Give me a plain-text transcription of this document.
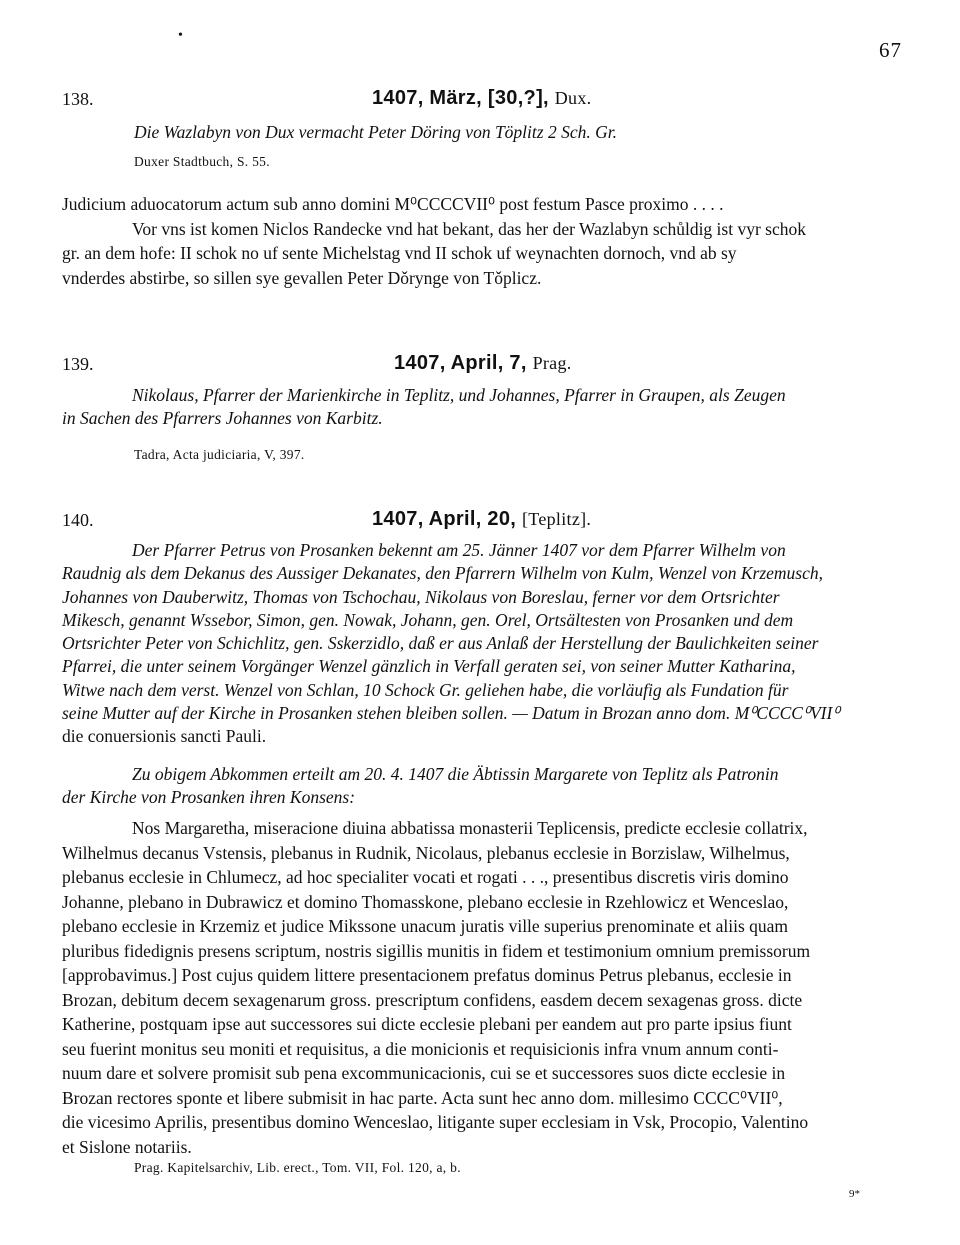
•
67
138.	1407, März, [30,?], Dux.
Die Wazlabyn von Dux vermacht Peter Döring von Töplitz 2 Sch. Gr.
Duxer Stadtbuch, S. 55.

Judicium aduocatorum actum sub anno domini M⁰CCCCVII⁰ post festum Pasce proximo . . . .

Vor vns ist komen Niclos Randecke vnd hat bekant, das her der Wazlabyn schůldig ist vyr schok

gr. an dem hofe: II schok no uf sente Michelstag vnd II schok uf weynachten dornoch, vnd ab sy

vnderdes abstirbe, so sillen sye gevallen Peter Dǒrynge von Tǒplicz.

139.	1407, April, 7, Prag.

Nikolaus, Pfarrer der Marienkirche in Teplitz, und Johannes, Pfarrer in Graupen, als Zeugen

in Sachen des Pfarrers Johannes von Karbitz.

Tadra, Acta judiciaria, V, 397.
140.	1407, April, 20, [Teplitz].

Der Pfarrer Petrus von Prosanken bekennt am 25. Jänner 1407 vor dem Pfarrer Wilhelm von

Raudnig als dem Dekanus des Aussiger Dekanates, den Pfarrern Wilhelm von Kulm, Wenzel von Krzemusch,

Johannes von Dauberwitz, Thomas von Tschochau, Nikolaus von Boreslau, ferner vor dem Ortsrichter

Mikesch, genannt Wssebor, Simon, gen. Nowak, Johann, gen. Orel, Ortsältesten von Prosanken und dem

Ortsrichter Peter von Schichlitz, gen. Sskerzidlo, daß er aus Anlaß der Herstellung der Baulichkeiten seiner

Pfarrei, die unter seinem Vorgänger Wenzel gänzlich in Verfall geraten sei, von seiner Mutter Katharina,

Witwe nach dem verst. Wenzel von Schlan, 10 Schock Gr. geliehen habe, die vorläufig als Fundation für

seine Mutter auf der Kirche in Prosanken stehen bleiben sollen. — Datum in Brozan anno dom. M⁰CCCC⁰VII⁰

die conuersionis sancti Pauli.

Zu obigem Abkommen erteilt am 20. 4. 1407 die Äbtissin Margarete von Teplitz als Patronin

der Kirche von Prosanken ihren Konsens:

Nos Margaretha, miseracione diuina abbatissa monasterii Teplicensis, predicte ecclesie collatrix,

Wilhelmus decanus Vstensis, plebanus in Rudnik, Nicolaus, plebanus ecclesie in Borzislaw, Wilhelmus,

plebanus ecclesie in Chlumecz, ad hoc specialiter vocati et rogati . . ., presentibus discretis viris domino

Johanne, plebano in Dubrawicz et domino Thomasskone, plebano ecclesie in Rzehlowicz et Wenceslao,

plebano ecclesie in Krzemiz et judice Mikssone unacum juratis ville superius prenominate et aliis quam

pluribus fidedignis presens scriptum, nostris sigillis munitis in fidem et testimonium omnium premissorum

[approbavimus.] Post cujus quidem littere presentacionem prefatus dominus Petrus plebanus, ecclesie in

Brozan, debitum decem sexagenarum gross. prescriptum confidens, easdem decem sexagenas gross. dicte

Katherine, postquam ipse aut successores sui dicte ecclesie plebani per eandem aut pro parte ipsius fiunt

seu fuerint monitus seu moniti et requisitus, a die monicionis et requisicionis infra vnum annum conti-

nuum dare et solvere promisit sub pena excommunicacionis, cui se et successores suos dicte ecclesie in

Brozan rectores sponte et libere submisit in hac parte. Acta sunt hec anno dom. millesimo CCCC⁰VII⁰,

die vicesimo Aprilis, presentibus domino Wenceslao, litigante super ecclesiam in Vsk, Procopio, Valentino

et Sislone notariis.

Prag. Kapitelsarchiv, Lib. erect., Tom. VII, Fol. 120, a, b.
9*
